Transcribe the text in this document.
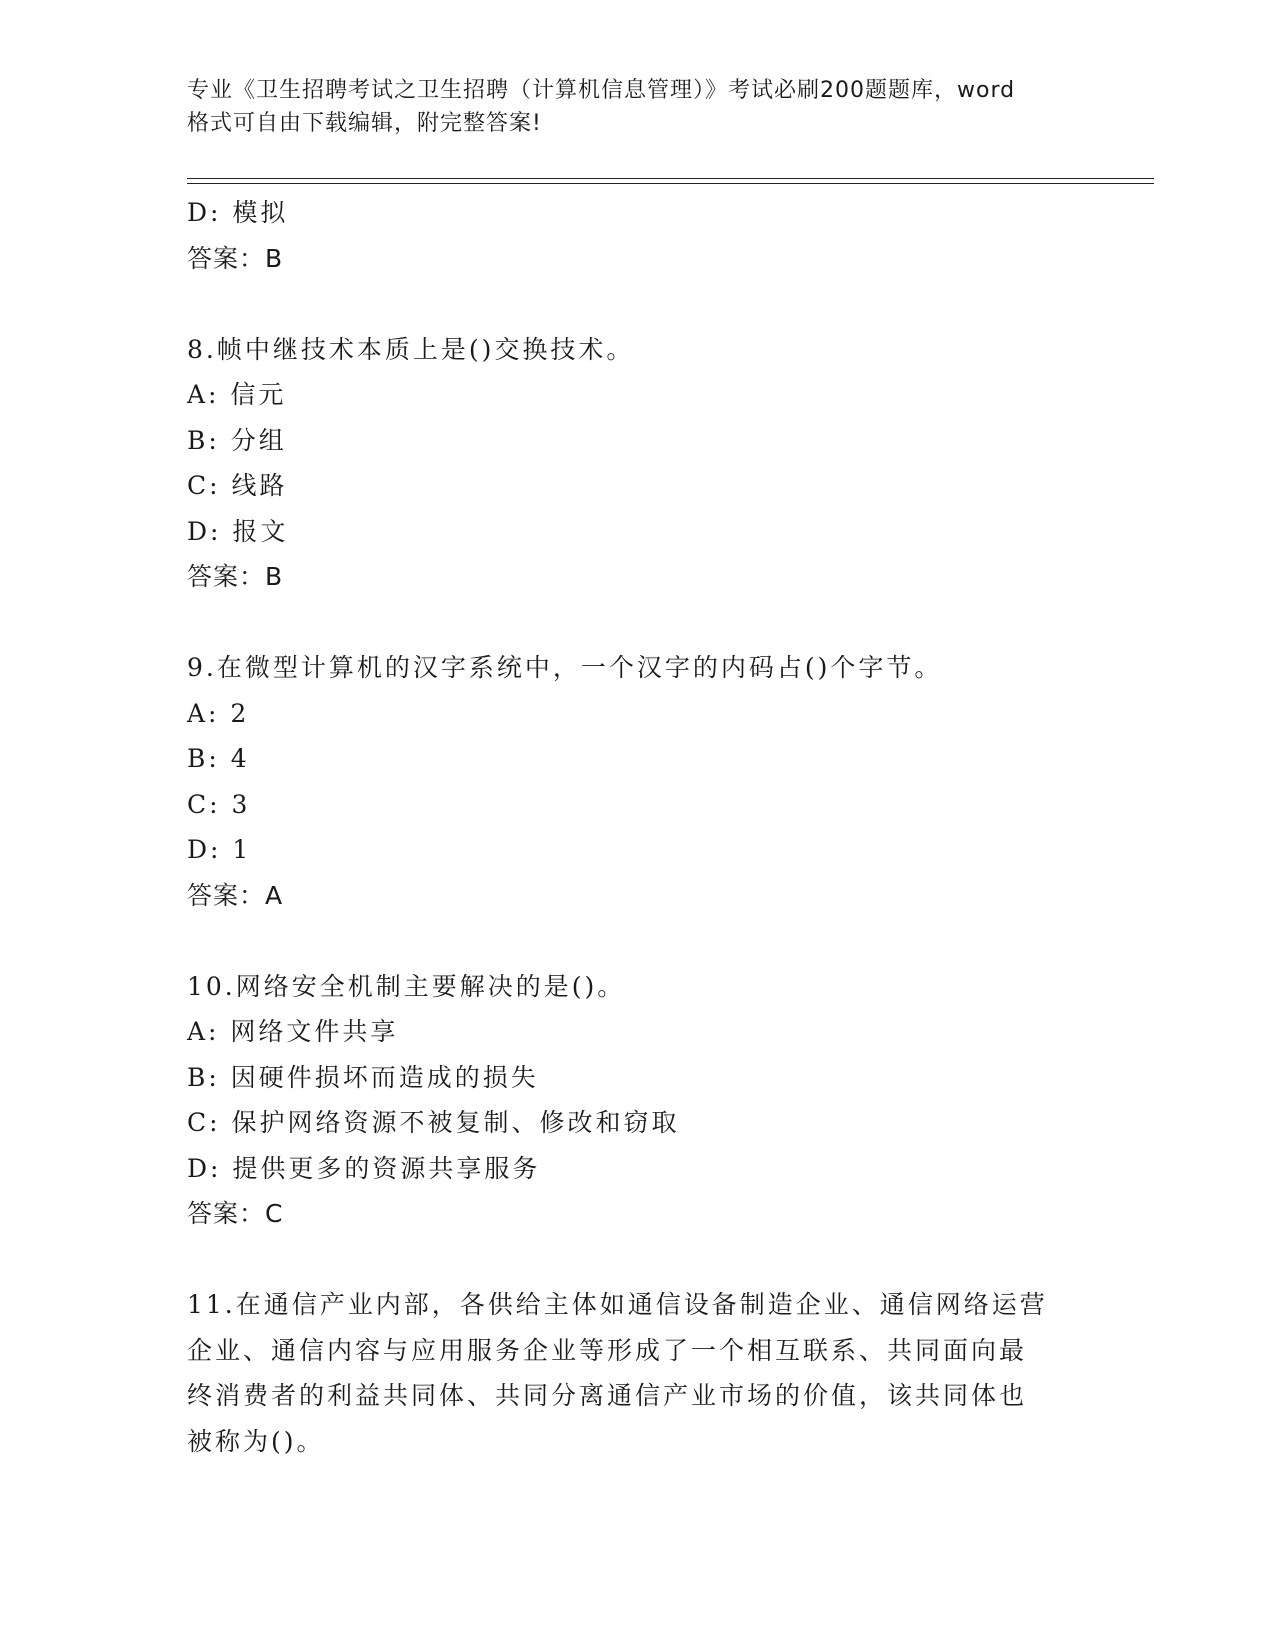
专业《卫生招聘考试之卫生招聘（计算机信息管理）》考试必刷200题题库，word
格式可自由下载编辑，附完整答案!
D: 模拟
答案：B
8.帧中继技术本质上是()交换技术。
A: 信元
B: 分组
C: 线路
D: 报文
答案：B
9.在微型计算机的汉字系统中，一个汉字的内码占()个字节。
A: 2
B: 4
C: 3
D: 1
答案：A
10.网络安全机制主要解决的是()。
A: 网络文件共享
B: 因硬件损坏而造成的损失
C: 保护网络资源不被复制、修改和窃取
D: 提供更多的资源共享服务
答案：C
11.在通信产业内部，各供给主体如通信设备制造企业、通信网络运营
企业、通信内容与应用服务企业等形成了一个相互联系、共同面向最
终消费者的利益共同体、共同分离通信产业市场的价值，该共同体也
被称为()。
